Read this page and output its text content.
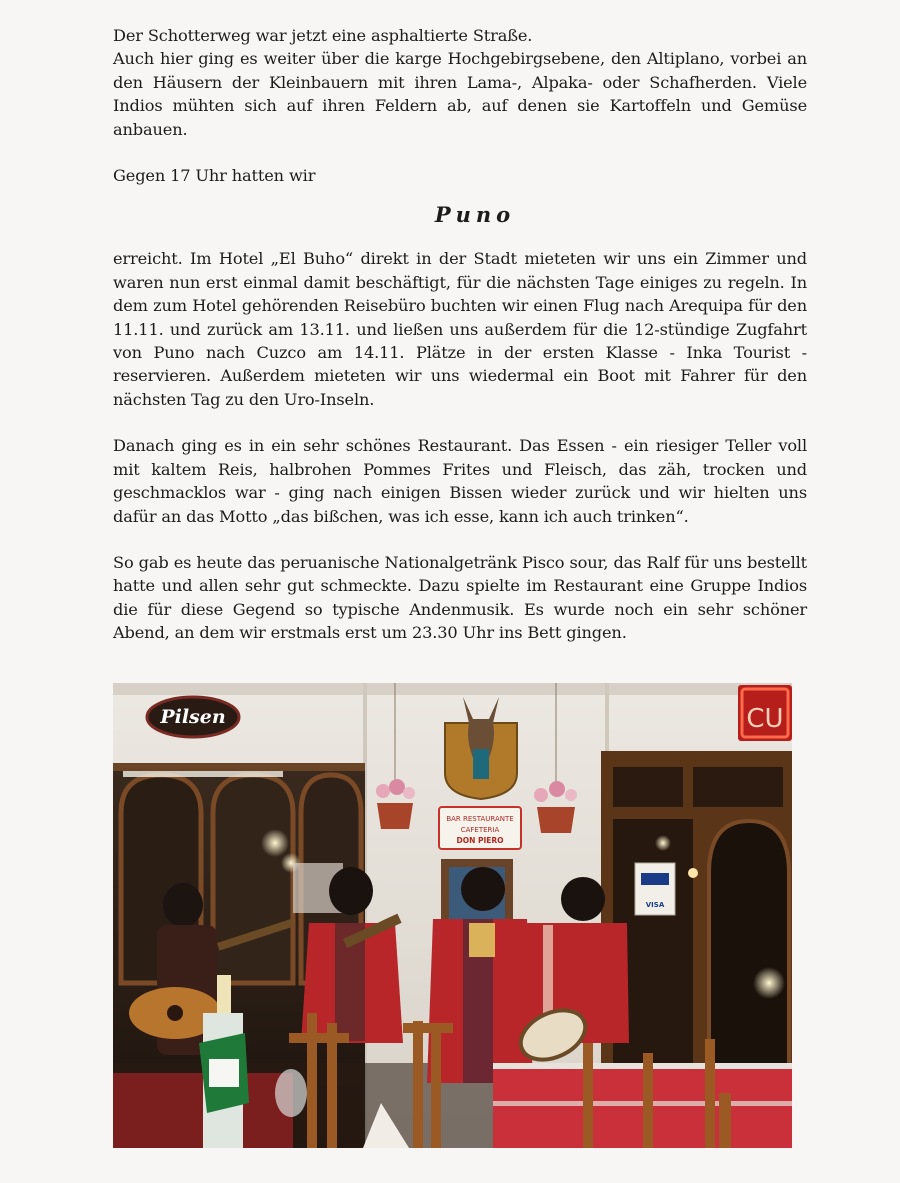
Der Schotterweg war jetzt eine asphaltierte Straße.

Auch hier ging es weiter über die karge Hochgebirgsebene, den Altiplano, vorbei an den Häusern der Kleinbauern mit ihren Lama-, Alpaka- oder Schafherden. Viele Indios mühten sich auf ihren Feldern ab, auf denen sie Kartoffeln und Gemüse anbauen.

Gegen 17 Uhr hatten wir

Puno

erreicht. Im Hotel „El Buho“ direkt in der Stadt mieteten wir uns ein Zimmer und waren nun erst einmal damit beschäftigt, für die nächsten Tage einiges zu regeln. In dem zum Hotel gehörenden Reisebüro buchten wir einen Flug nach Arequipa für den 11.11. und zurück am 13.11. und ließen uns außerdem für die 12-stündige Zugfahrt von Puno nach Cuzco am 14.11. Plätze in der ersten Klasse - Inka Tourist - reservieren. Außerdem mieteten wir uns wiedermal ein Boot mit Fahrer für den nächsten Tag zu den Uro-Inseln.

Danach ging es in ein sehr schönes Restaurant. Das Essen - ein riesiger Teller voll mit kaltem Reis, halbrohen Pommes Frites und Fleisch, das zäh, trocken und geschmacklos war - ging nach einigen Bissen wieder zurück und wir hielten uns dafür an das Motto „das bißchen, was ich esse, kann ich auch trinken“.

So gab es heute das peruanische Nationalgetränk Pisco sour, das Ralf für uns bestellt hatte und allen sehr gut schmeckte. Dazu spielte im Restaurant eine Gruppe Indios die für diese Gegend so typische Andenmusik. Es wurde noch ein sehr schöner Abend, an dem wir erstmals erst um 23.30 Uhr ins Bett gingen.

Pilsen	CU
BAR RESTAURANTE
CAFETERIA
DON PIERO
VISA
